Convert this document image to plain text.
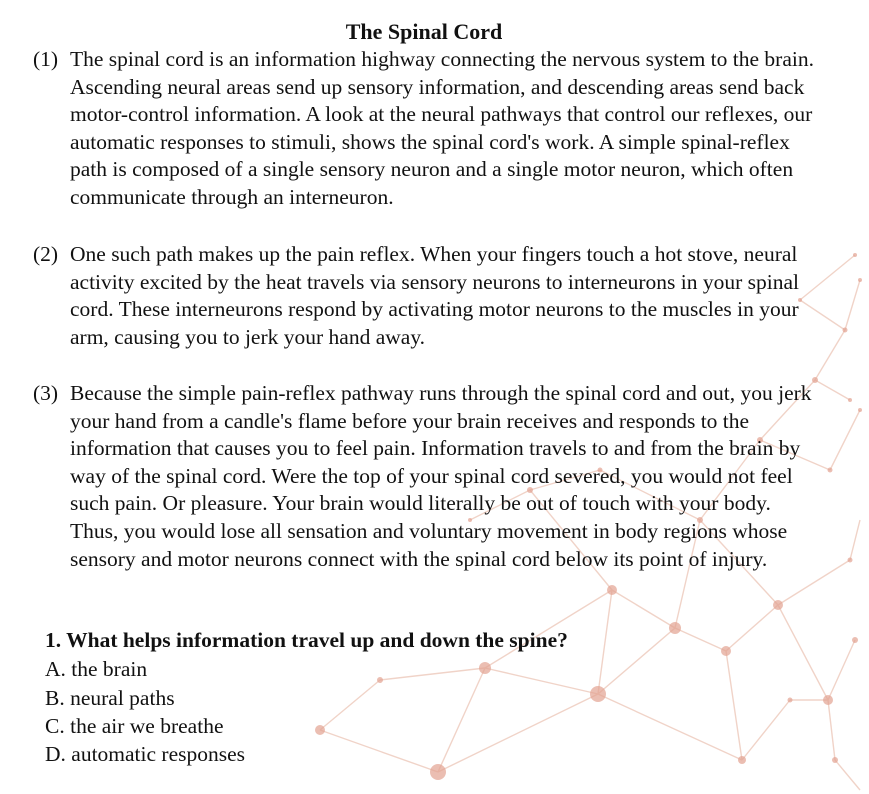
The Spinal Cord
(1) The spinal cord is an information highway connecting the nervous system to the brain. Ascending neural areas send up sensory information, and descending areas send back motor-control information. A look at the neural pathways that control our reflexes, our automatic responses to stimuli, shows the spinal cord's work. A simple spinal-reflex path is composed of a single sensory neuron and a single motor neuron, which often communicate through an interneuron.
(2) One such path makes up the pain reflex. When your fingers touch a hot stove, neural activity excited by the heat travels via sensory neurons to interneurons in your spinal cord. These interneurons respond by activating motor neurons to the muscles in your arm, causing you to jerk your hand away.
(3) Because the simple pain-reflex pathway runs through the spinal cord and out, you jerk your hand from a candle's flame before your brain receives and responds to the information that causes you to feel pain. Information travels to and from the brain by way of the spinal cord. Were the top of your spinal cord severed, you would not feel such pain. Or pleasure. Your brain would literally be out of touch with your body. Thus, you would lose all sensation and voluntary movement in body regions whose sensory and motor neurons connect with the spinal cord below its point of injury.
1. What helps information travel up and down the spine?
A. the brain
B. neural paths
C. the air we breathe
D. automatic responses
